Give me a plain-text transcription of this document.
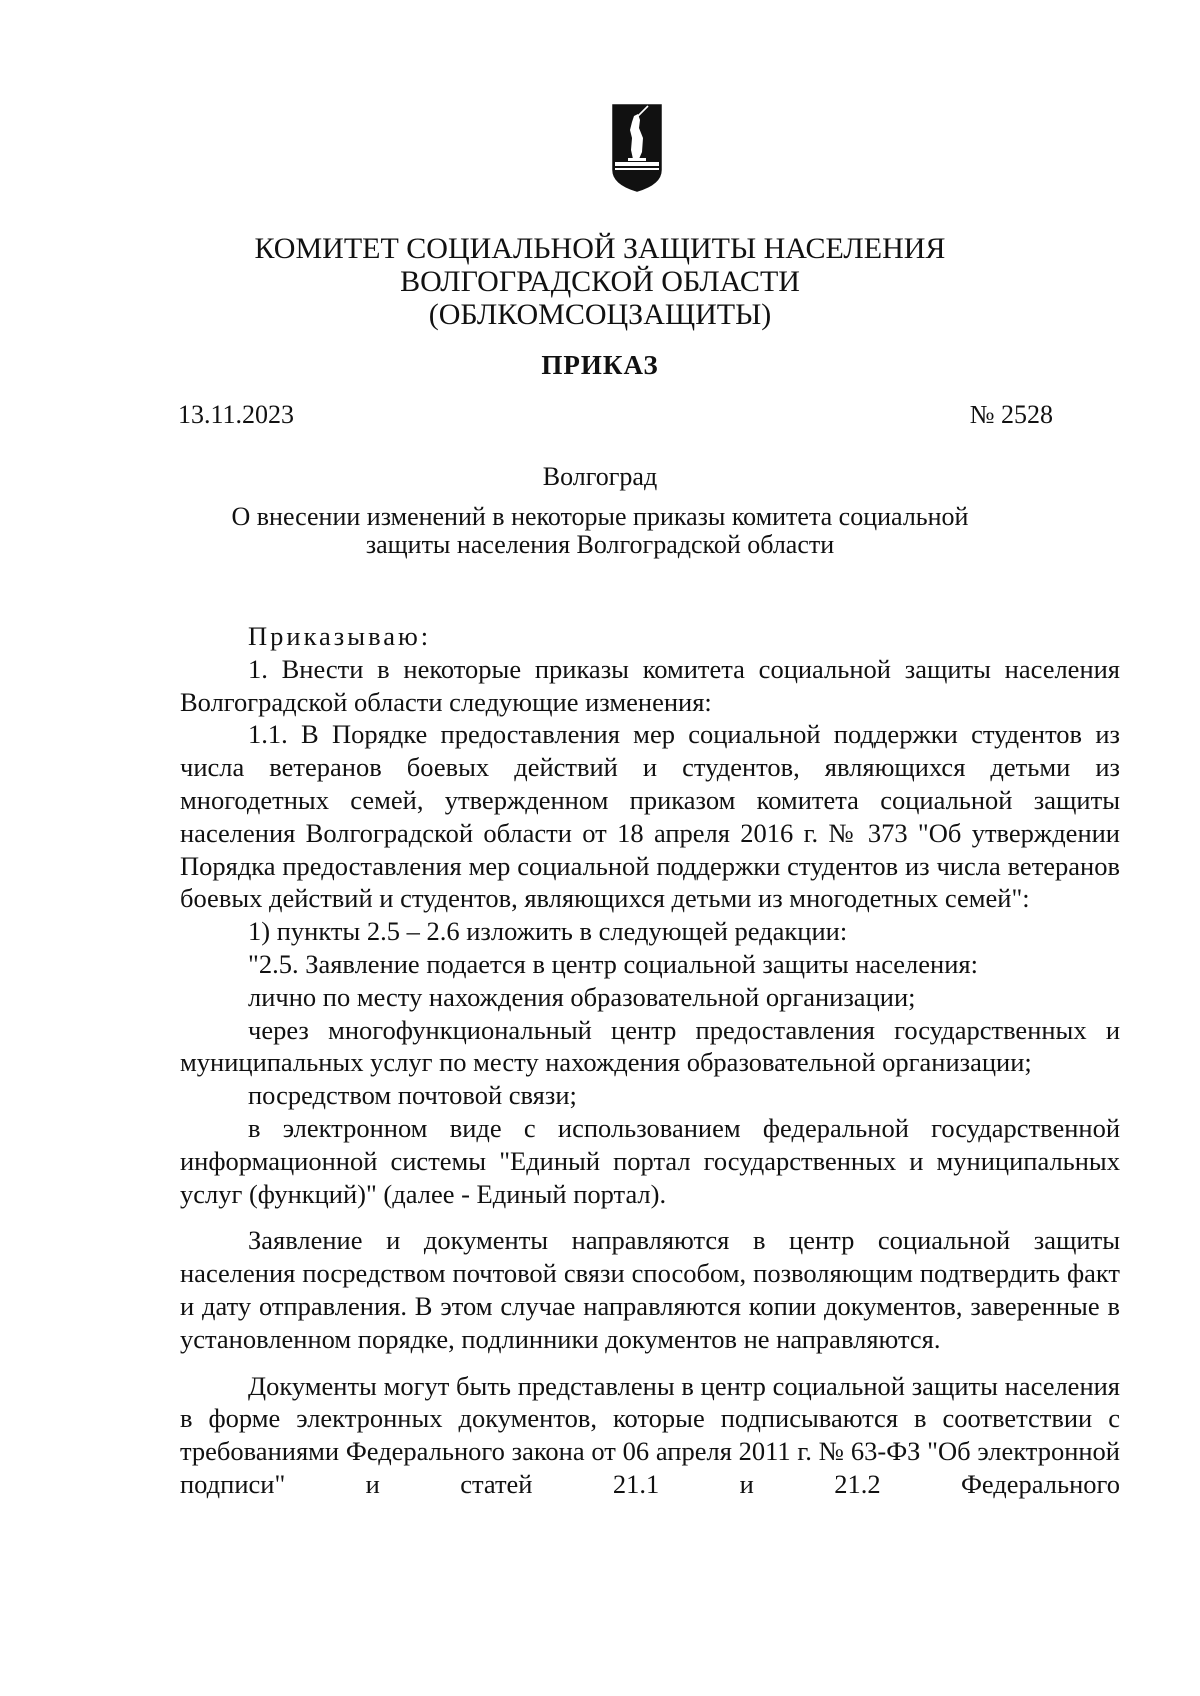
КОМИТЕТ СОЦИАЛЬНОЙ ЗАЩИТЫ НАСЕЛЕНИЯ
ВОЛГОГРАДСКОЙ ОБЛАСТИ
(ОБЛКОМСОЦЗАЩИТЫ)
ПРИКАЗ
13.11.2023	№ 2528
Волгоград
О внесении изменений в некоторые приказы комитета социальной защиты населения Волгоградской области

Приказываю:

1. Внести в некоторые приказы комитета социальной защиты населения Волгоградской области следующие изменения:

1.1. В Порядке предоставления мер социальной поддержки студентов из числа ветеранов боевых действий и студентов, являющихся детьми из многодетных семей, утвержденном приказом комитета социальной защиты населения Волгоградской области от 18 апреля 2016 г. № 373 "Об утверждении Порядка предоставления мер социальной поддержки студентов из числа ветеранов боевых действий и студентов, являющихся детьми из многодетных семей":

1) пункты 2.5 – 2.6 изложить в следующей редакции:

"2.5. Заявление подается в центр социальной защиты населения:

лично по месту нахождения образовательной организации;

через многофункциональный центр предоставления государственных и муниципальных услуг по месту нахождения образовательной организации;

посредством почтовой связи;

в электронном виде с использованием федеральной государственной информационной системы "Единый портал государственных и муниципальных услуг (функций)" (далее - Единый портал).

Заявление и документы направляются в центр социальной защиты населения посредством почтовой связи способом, позволяющим подтвердить факт и дату отправления. В этом случае направляются копии документов, заверенные в установленном порядке, подлинники документов не направляются.

Документы могут быть представлены в центр социальной защиты населения в форме электронных документов, которые подписываются в соответствии с требованиями Федерального закона от 06 апреля 2011 г. № 63-ФЗ "Об электронной подписи" и статей 21.1 и 21.2 Федерального
